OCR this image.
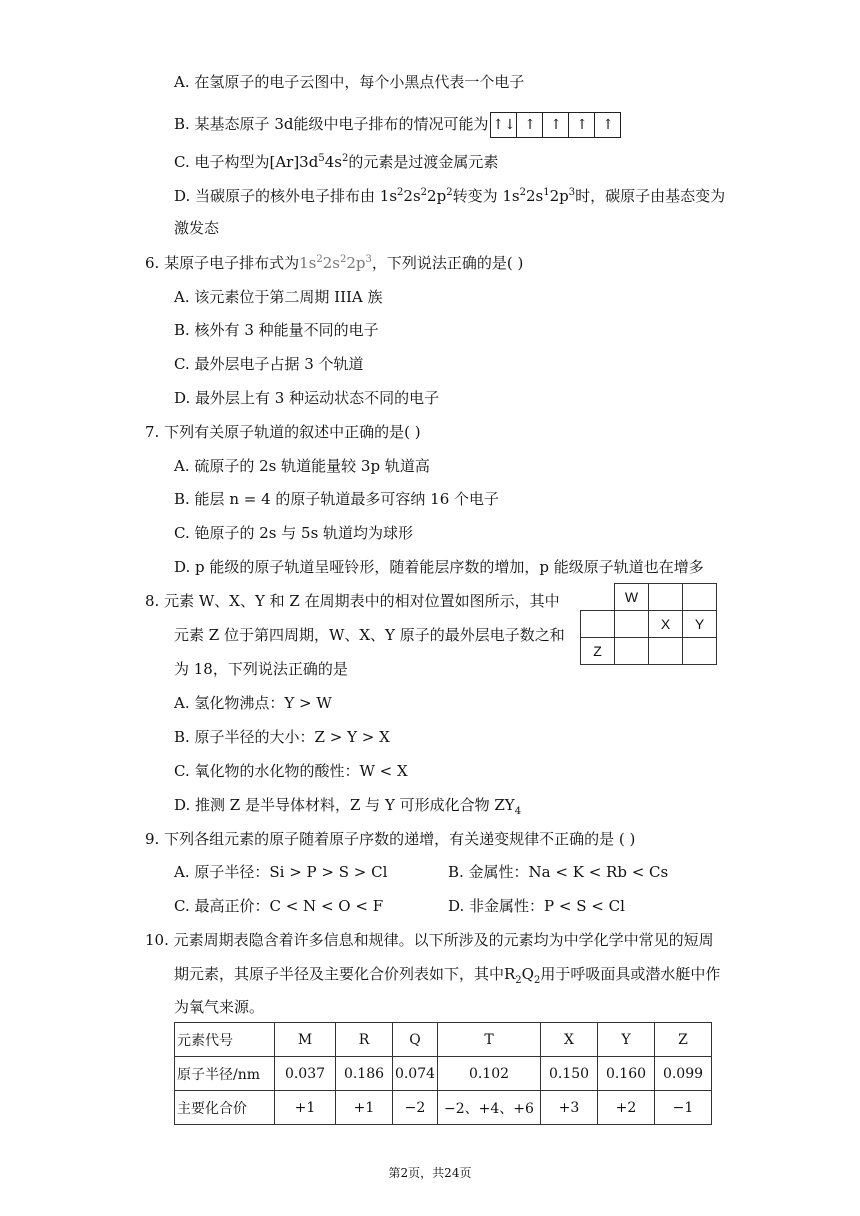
A. 在氢原子的电子云图中，每个小黑点代表一个电子
B. 某基态原子 3d能级中电子排布的情况可能为 ↑↓ ↑	↑	↑	↑
C. 电子构型为$[Ar]3d^54s^2$的元素是过渡金属元素
D. 当碳原子的核外电子排布由 $1s^22s^22p^2$转变为 $1s^22s^12p^3$时，碳原子由基态变为
激发态
6. 某原子电子排布式为$1s^22s^22p^3$，下列说法正确的是( )
A. 该元素位于第二周期 IIIA 族
B. 核外有 3 种能量不同的电子
C. 最外层电子占据 3 个轨道
D. 最外层上有 3 种运动状态不同的电子
7. 下列有关原子轨道的叙述中正确的是( )
A. 硫原子的 2s 轨道能量较 3p 轨道高
B. 能层 n = 4 的原子轨道最多可容纳 16 个电子
C. 铯原子的 2s 与 5s 轨道均为球形
D. p 能级的原子轨道呈哑铃形，随着能层序数的增加，p 能级原子轨道也在增多
8. 元素 W、X、Y 和 Z 在周期表中的相对位置如图所示，其中
元素 Z 位于第四周期，W、X、Y 原子的最外层电子数之和
为 18，下列说法正确的是
	W		
		X	Y
Z			
A. 氢化物沸点：Y > W
B. 原子半径的大小：Z > Y > X
C. 氧化物的水化物的酸性：W < X
D. 推测 Z 是半导体材料，Z 与 Y 可形成化合物 $ZY_4$
9. 下列各组元素的原子随着原子序数的递增，有关递变规律不正确的是 ( )
A. 原子半径：Si > P > S > Cl	B. 金属性：Na < K < Rb < Cs
C. 最高正价：C < N < O < F	D. 非金属性：P < S < Cl
10. 元素周期表隐含着许多信息和规律。以下所涉及的元素均为中学化学中常见的短周
期元素，其原子半径及主要化合价列表如下，其中$R_2Q_2$用于呼吸面具或潜水艇中作
为氧气来源。
元素代号	M	R	Q	T	X	Y	Z
原子半径/nm	0.037	0.186	0.074	0.102	0.150	0.160	0.099
主要化合价	+1	+1	−2	−2、+4、+6	+3	+2	−1
第2页，共24页
